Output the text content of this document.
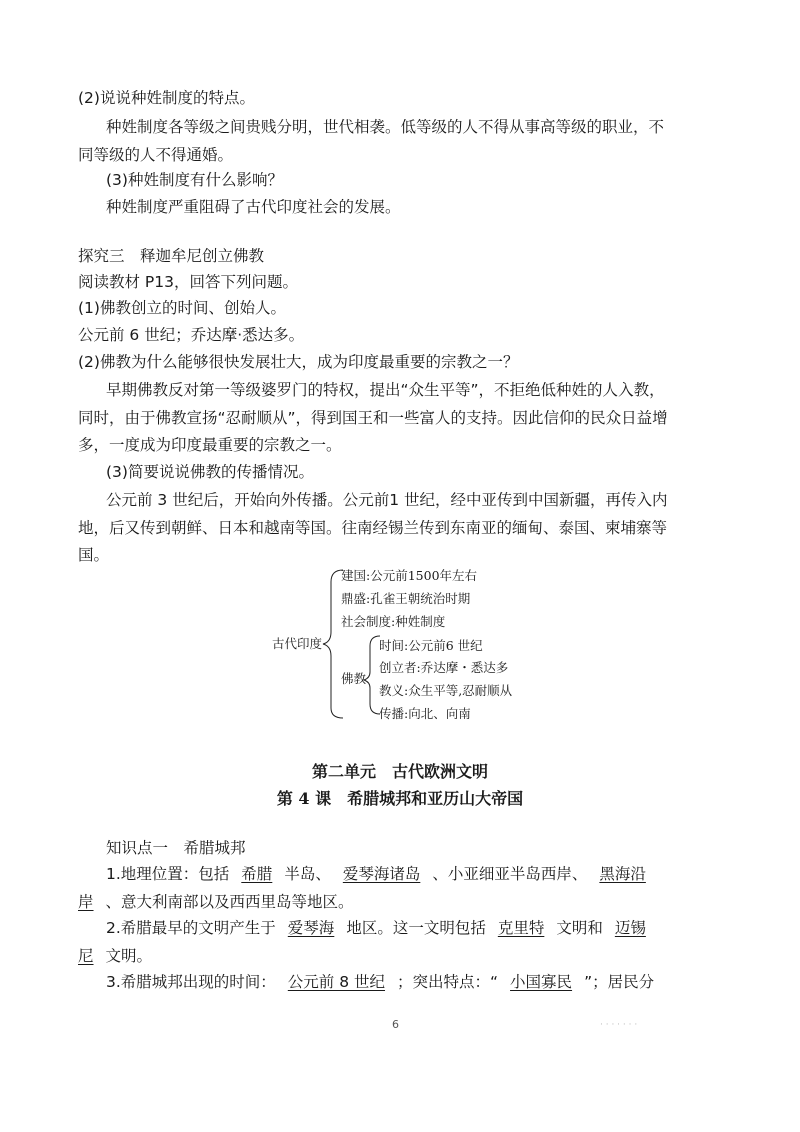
(2)说说种姓制度的特点。
种姓制度各等级之间贵贱分明，世代相袭。低等级的人不得从事高等级的职业，不
同等级的人不得通婚。
(3)种姓制度有什么影响？
种姓制度严重阻碍了古代印度社会的发展。
探究三　释迦牟尼创立佛教
阅读教材 P13，回答下列问题。
(1)佛教创立的时间、创始人。
公元前 6 世纪；乔达摩·悉达多。
(2)佛教为什么能够很快发展壮大，成为印度最重要的宗教之一？
早期佛教反对第一等级婆罗门的特权，提出“众生平等”，不拒绝低种姓的人入教，
同时，由于佛教宣扬“忍耐顺从”，得到国王和一些富人的支持。因此信仰的民众日益增
多，一度成为印度最重要的宗教之一。
(3)简要说说佛教的传播情况。
公元前 3 世纪后，开始向外传播。公元前1 世纪，经中亚传到中国新疆，再传入内
地，后又传到朝鲜、日本和越南等国。往南经锡兰传到东南亚的缅甸、泰国、柬埔寨等
国。
古代印度
建国:公元前1500年左右
鼎盛:孔雀王朝统治时期
社会制度:种姓制度
佛教
时间:公元前6 世纪
创立者:乔达摩・悉达多
教义:众生平等,忍耐顺从
传播:向北、向南
第二单元　古代欧洲文明
第 4 课　希腊城邦和亚历山大帝国
知识点一　希腊城邦
1.地理位置：包括 希腊 半岛、 爱琴海诸岛 、小亚细亚半岛西岸、 黑海沿
岸 、意大利南部以及西西里岛等地区。
2.希腊最早的文明产生于 爱琴海 地区。这一文明包括 克里特 文明和 迈锡
尼 文明。
3.希腊城邦出现的时间： 公元前 8 世纪 ；突出特点：“ 小国寡民 ”；居民分
6	· · · · · · ·
